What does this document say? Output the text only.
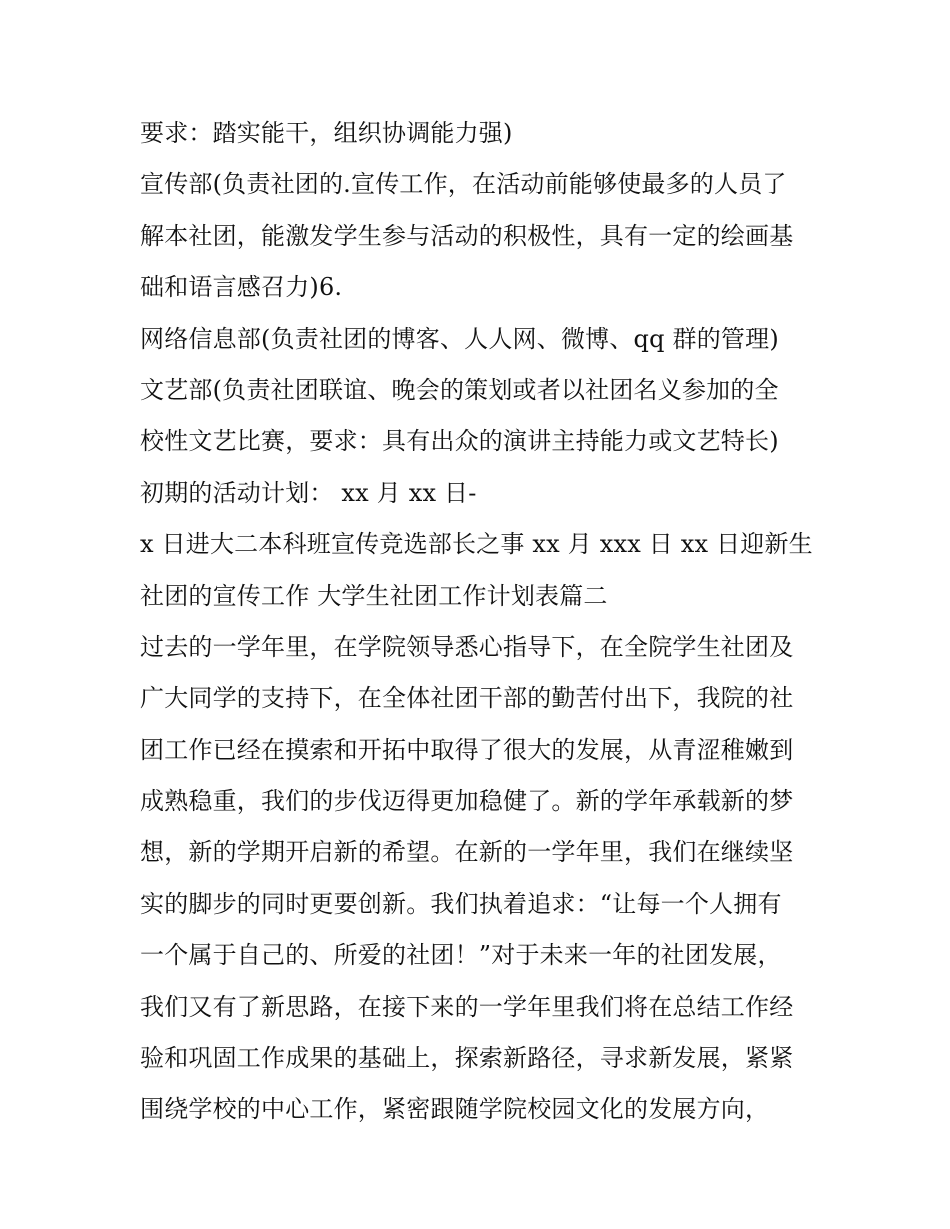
要求：踏实能干，组织协调能力强)
宣传部(负责社团的.宣传工作，在活动前能够使最多的人员了
解本社团，能激发学生参与活动的积极性，具有一定的绘画基
础和语言感召力)6.
网络信息部(负责社团的博客、人人网、微博、qq 群的管理)
文艺部(负责社团联谊、晚会的策划或者以社团名义参加的全
校性文艺比赛，要求：具有出众的演讲主持能力或文艺特长)
初期的活动计划： xx 月 xx 日-
x 日进大二本科班宣传竞选部长之事 xx 月 xxx 日 xx 日迎新生
社团的宣传工作 大学生社团工作计划表篇二
过去的一学年里，在学院领导悉心指导下，在全院学生社团及
广大同学的支持下，在全体社团干部的勤苦付出下，我院的社
团工作已经在摸索和开拓中取得了很大的发展，从青涩稚嫩到
成熟稳重，我们的步伐迈得更加稳健了。新的学年承载新的梦
想，新的学期开启新的希望。在新的一学年里，我们在继续坚
实的脚步的同时更要创新。我们执着追求：“让每一个人拥有
一个属于自己的、所爱的社团！”对于未来一年的社团发展，
我们又有了新思路，在接下来的一学年里我们将在总结工作经
验和巩固工作成果的基础上，探索新路径，寻求新发展，紧紧
围绕学校的中心工作，紧密跟随学院校园文化的发展方向，
